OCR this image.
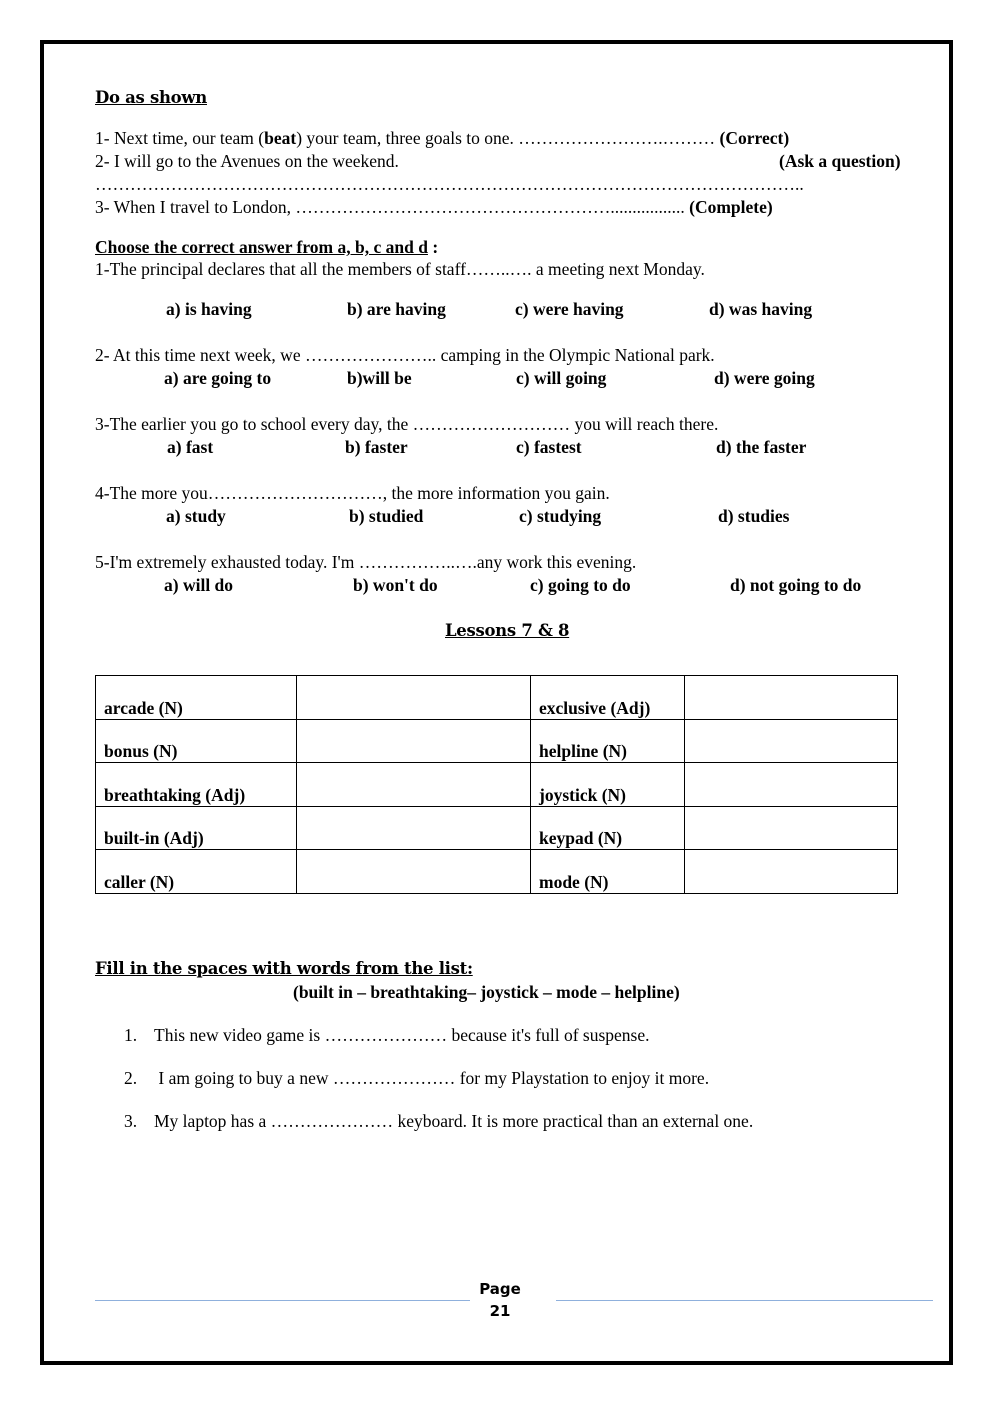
Do as shown
1- Next time, our team (beat) your team, three goals to one. …………………….……… (Correct)
2- I will go to the Avenues on the weekend.	(Ask a question)
…………………………………………………………………………………………………………..
3- When I travel to London, ………………………………………………................. (Complete)
Choose the correct answer from a, b, c and d :
1-The principal declares that all the members of staff……..…. a meeting next Monday.
a) is having	b) are having	c) were having	d) was having
2- At this time next week, we ………………….. camping in the Olympic National park.
a) are going to	b)will be	c) will going	d) were going
3-The earlier you go to school every day, the ……………………… you will reach there.
a) fast	b) faster	c) fastest	d) the faster
4-The more you…………………………, the more information you gain.
a) study	b) studied	c) studying	d) studies
5-I'm extremely exhausted today. I'm ……………..….any work this evening.
a) will do	b) won't do	c) going to do	d) not going to do
Lessons 7 & 8
arcade (N)		exclusive (Adj)	
bonus (N)		helpline (N)	
breathtaking (Adj)		joystick (N)	
built-in (Adj)		keypad (N)	
caller (N)		mode (N)	
Fill in the spaces with words from the list:
(built in – breathtaking– joystick – mode – helpline)
1. This new video game is ………………… because it's full of suspense.
2. I am going to buy a new ………………… for my Playstation to enjoy it more.
3. My laptop has a ………………… keyboard. It is more practical than an external one.
Page
21
